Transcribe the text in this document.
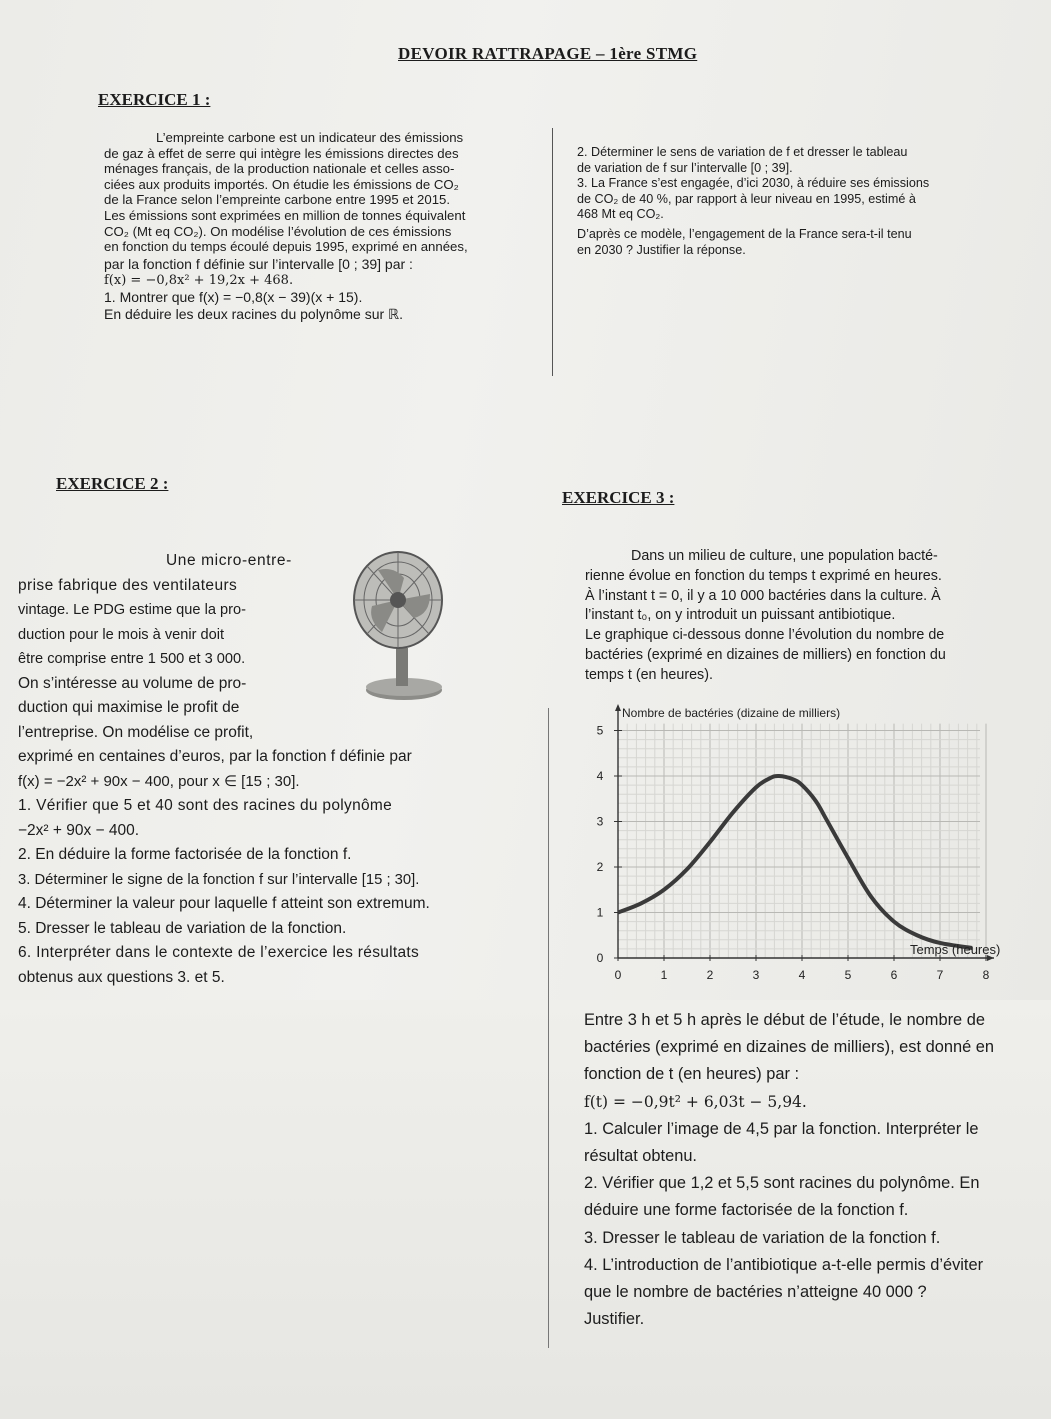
DEVOIR RATTRAPAGE – 1ère STMG
EXERCICE 1 :

L’empreinte carbone est un indicateur des émissions

de gaz à effet de serre qui intègre les émissions directes des

ménages français, de la production nationale et celles asso-

ciées aux produits importés. On étudie les émissions de CO₂

de la France selon l’empreinte carbone entre 1995 et 2015.

Les émissions sont exprimées en million de tonnes équivalent

CO₂ (Mt eq CO₂). On modélise l’évolution de ces émissions

en fonction du temps écoulé depuis 1995, exprimé en années,

par la fonction f définie sur l’intervalle [0 ; 39] par :

f(x) = −0,8x² + 19,2x + 468.

1. Montrer que f(x) = −0,8(x − 39)(x + 15).

En déduire les deux racines du polynôme sur ℝ.

2. Déterminer le sens de variation de f et dresser le tableau

de variation de f sur l’intervalle [0 ; 39].

3. La France s’est engagée, d’ici 2030, à réduire ses émissions

de CO₂ de 40 %, par rapport à leur niveau en 1995, estimé à

468 Mt eq CO₂.

D’après ce modèle, l’engagement de la France sera-t-il tenu

en 2030 ? Justifier la réponse.

EXERCICE 2 :

Une micro-entre-

prise fabrique des ventilateurs

vintage. Le PDG estime que la pro-

duction pour le mois à venir doit

être comprise entre 1 500 et 3 000.

On s’intéresse au volume de pro-

duction qui maximise le profit de

l’entreprise. On modélise ce profit,

exprimé en centaines d’euros, par la fonction f définie par

f(x) = −2x² + 90x − 400, pour x ∈ [15 ; 30].

1. Vérifier que 5 et 40 sont des racines du polynôme

−2x² + 90x − 400.

2. En déduire la forme factorisée de la fonction f.

3. Déterminer le signe de la fonction f sur l’intervalle [15 ; 30].

4. Déterminer la valeur pour laquelle f atteint son extremum.

5. Dresser le tableau de variation de la fonction.

6. Interpréter dans le contexte de l’exercice les résultats

obtenus aux questions 3. et 5.

EXERCICE 3 :

Dans un milieu de culture, une population bacté-

rienne évolue en fonction du temps t exprimé en heures.

À l’instant t = 0, il y a 10 000 bactéries dans la culture. À

l’instant t₀, on y introduit un puissant antibiotique.

Le graphique ci-dessous donne l’évolution du nombre de

bactéries (exprimé en dizaines de milliers) en fonction du

temps t (en heures).

0	1	2	3	4	5	6	7	8
0
1
2
3
4
5
Nombre de bactéries (dizaine de milliers)
Temps (heures)

Entre 3 h et 5 h après le début de l’étude, le nombre de

bactéries (exprimé en dizaines de milliers), est donné en

fonction de t (en heures) par :

f(t) = −0,9t² + 6,03t − 5,94.

1. Calculer l’image de 4,5 par la fonction. Interpréter le

résultat obtenu.

2. Vérifier que 1,2 et 5,5 sont racines du polynôme. En

déduire une forme factorisée de la fonction f.

3. Dresser le tableau de variation de la fonction f.

4. L’introduction de l’antibiotique a-t-elle permis d’éviter

que le nombre de bactéries n’atteigne 40 000 ?

Justifier.
